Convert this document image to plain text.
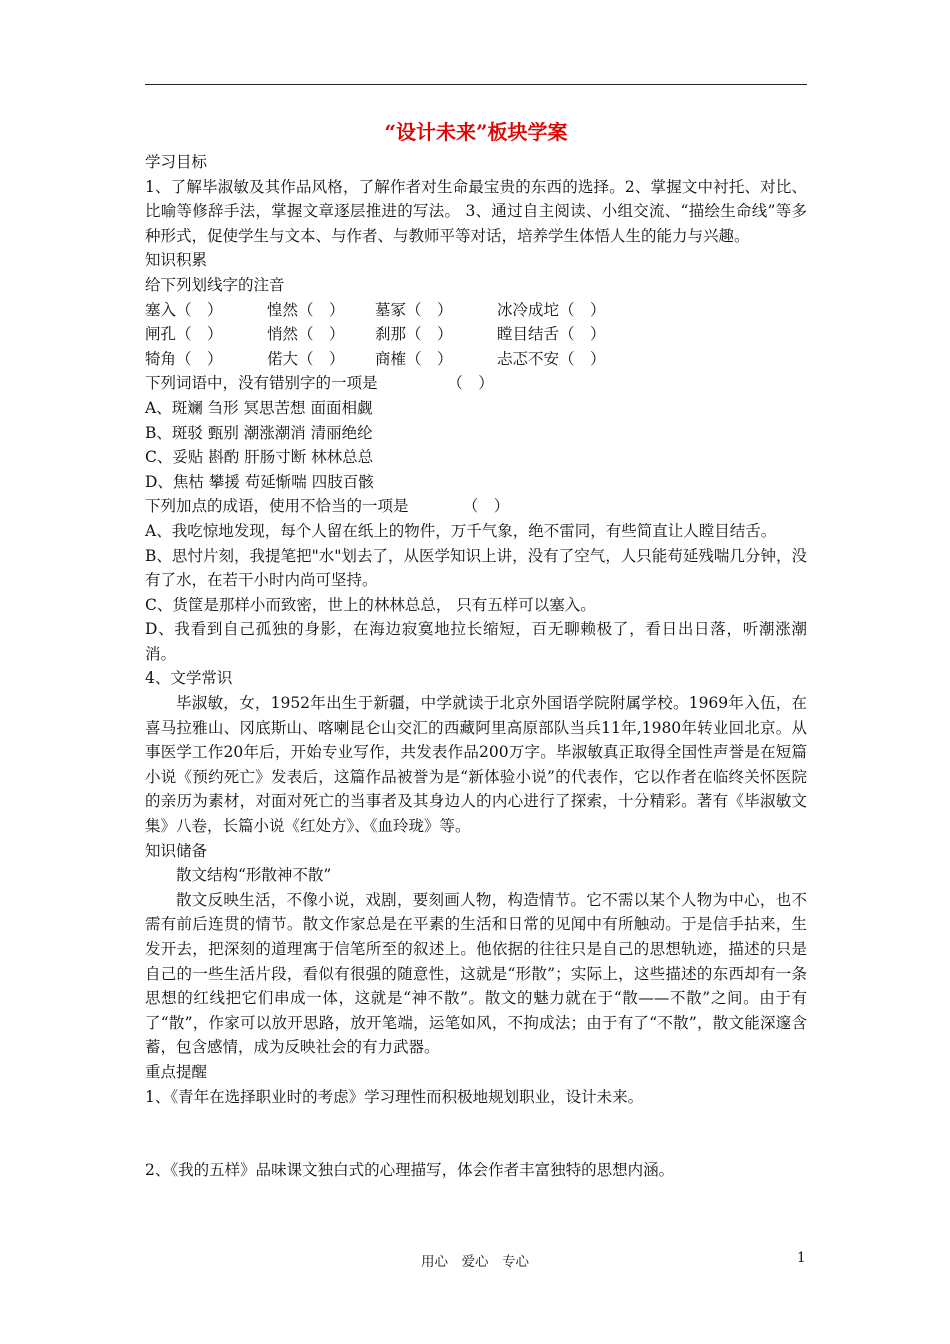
“设计未来”板块学案

学习目标

1、了解毕淑敏及其作品风格，了解作者对生命最宝贵的东西的选择。2、掌握文中衬托、对比、比喻等修辞手法，掌握文章逐层推进的写法。 3、通过自主阅读、小组交流、“描绘生命线”等多种形式，促使学生与文本、与作者、与教师平等对话，培养学生体悟人生的能力与兴趣。

知识积累

给下列划线字的注音

塞入（　）	惶然（　）	墓冢（　）	冰冷成坨（　）
闸孔（　）	悄然（　）	刹那（　）	瞠目结舌（　）
犄角（　）	偌大（　）	商榷（　）	忐忑不安（　）

下列词语中，没有错别字的一项是　　　　　（　）

A、斑斓 刍形 冥思苦想 面面相觑

B、斑驳 甄别 潮涨潮消 清丽绝纶

C、妥贴 斟酌 肝肠寸断 林林总总

D、焦枯 攀援 苟延惭喘 四肢百骸

下列加点的成语，使用不恰当的一项是　　　　（　）

A、我吃惊地发现，每个人留在纸上的物件，万千气象，绝不雷同，有些简直让人瞠目结舌。

B、思忖片刻，我提笔把"水"划去了，从医学知识上讲，没有了空气，人只能苟延残喘几分钟，没有了水，在若干小时内尚可坚持。

C、货筐是那样小而致密，世上的林林总总， 只有五样可以塞入。

D、我看到自己孤独的身影，在海边寂寞地拉长缩短，百无聊赖极了，看日出日落，听潮涨潮消。

4、文学常识

毕淑敏，女，1952年出生于新疆，中学就读于北京外国语学院附属学校。1969年入伍，在喜马拉雅山、冈底斯山、喀喇昆仑山交汇的西藏阿里高原部队当兵11年,1980年转业回北京。从事医学工作20年后，开始专业写作，共发表作品200万字。毕淑敏真正取得全国性声誉是在短篇小说《预约死亡》发表后，这篇作品被誉为是“新体验小说”的代表作，它以作者在临终关怀医院的亲历为素材，对面对死亡的当事者及其身边人的内心进行了探索，十分精彩。著有《毕淑敏文集》八卷，长篇小说《红处方》、《血玲珑》等。

知识储备

散文结构“形散神不散”

散文反映生活，不像小说，戏剧，要刻画人物，构造情节。它不需以某个人物为中心，也不需有前后连贯的情节。散文作家总是在平素的生活和日常的见闻中有所触动。于是信手拈来，生发开去，把深刻的道理寓于信笔所至的叙述上。他依据的往往只是自己的思想轨迹，描述的只是自己的一些生活片段，看似有很强的随意性，这就是“形散”；实际上，这些描述的东西却有一条思想的红线把它们串成一体，这就是“神不散”。散文的魅力就在于“散——不散”之间。由于有了“散”，作家可以放开思路，放开笔端，运笔如风，不拘成法；由于有了“不散”，散文能深邃含蓄，包含感情，成为反映社会的有力武器。

重点提醒

1、《青年在选择职业时的考虑》学习理性而积极地规划职业，设计未来。

2、《我的五样》品味课文独白式的心理描写，体会作者丰富独特的思想内涵。

用心　爱心　专心	1
